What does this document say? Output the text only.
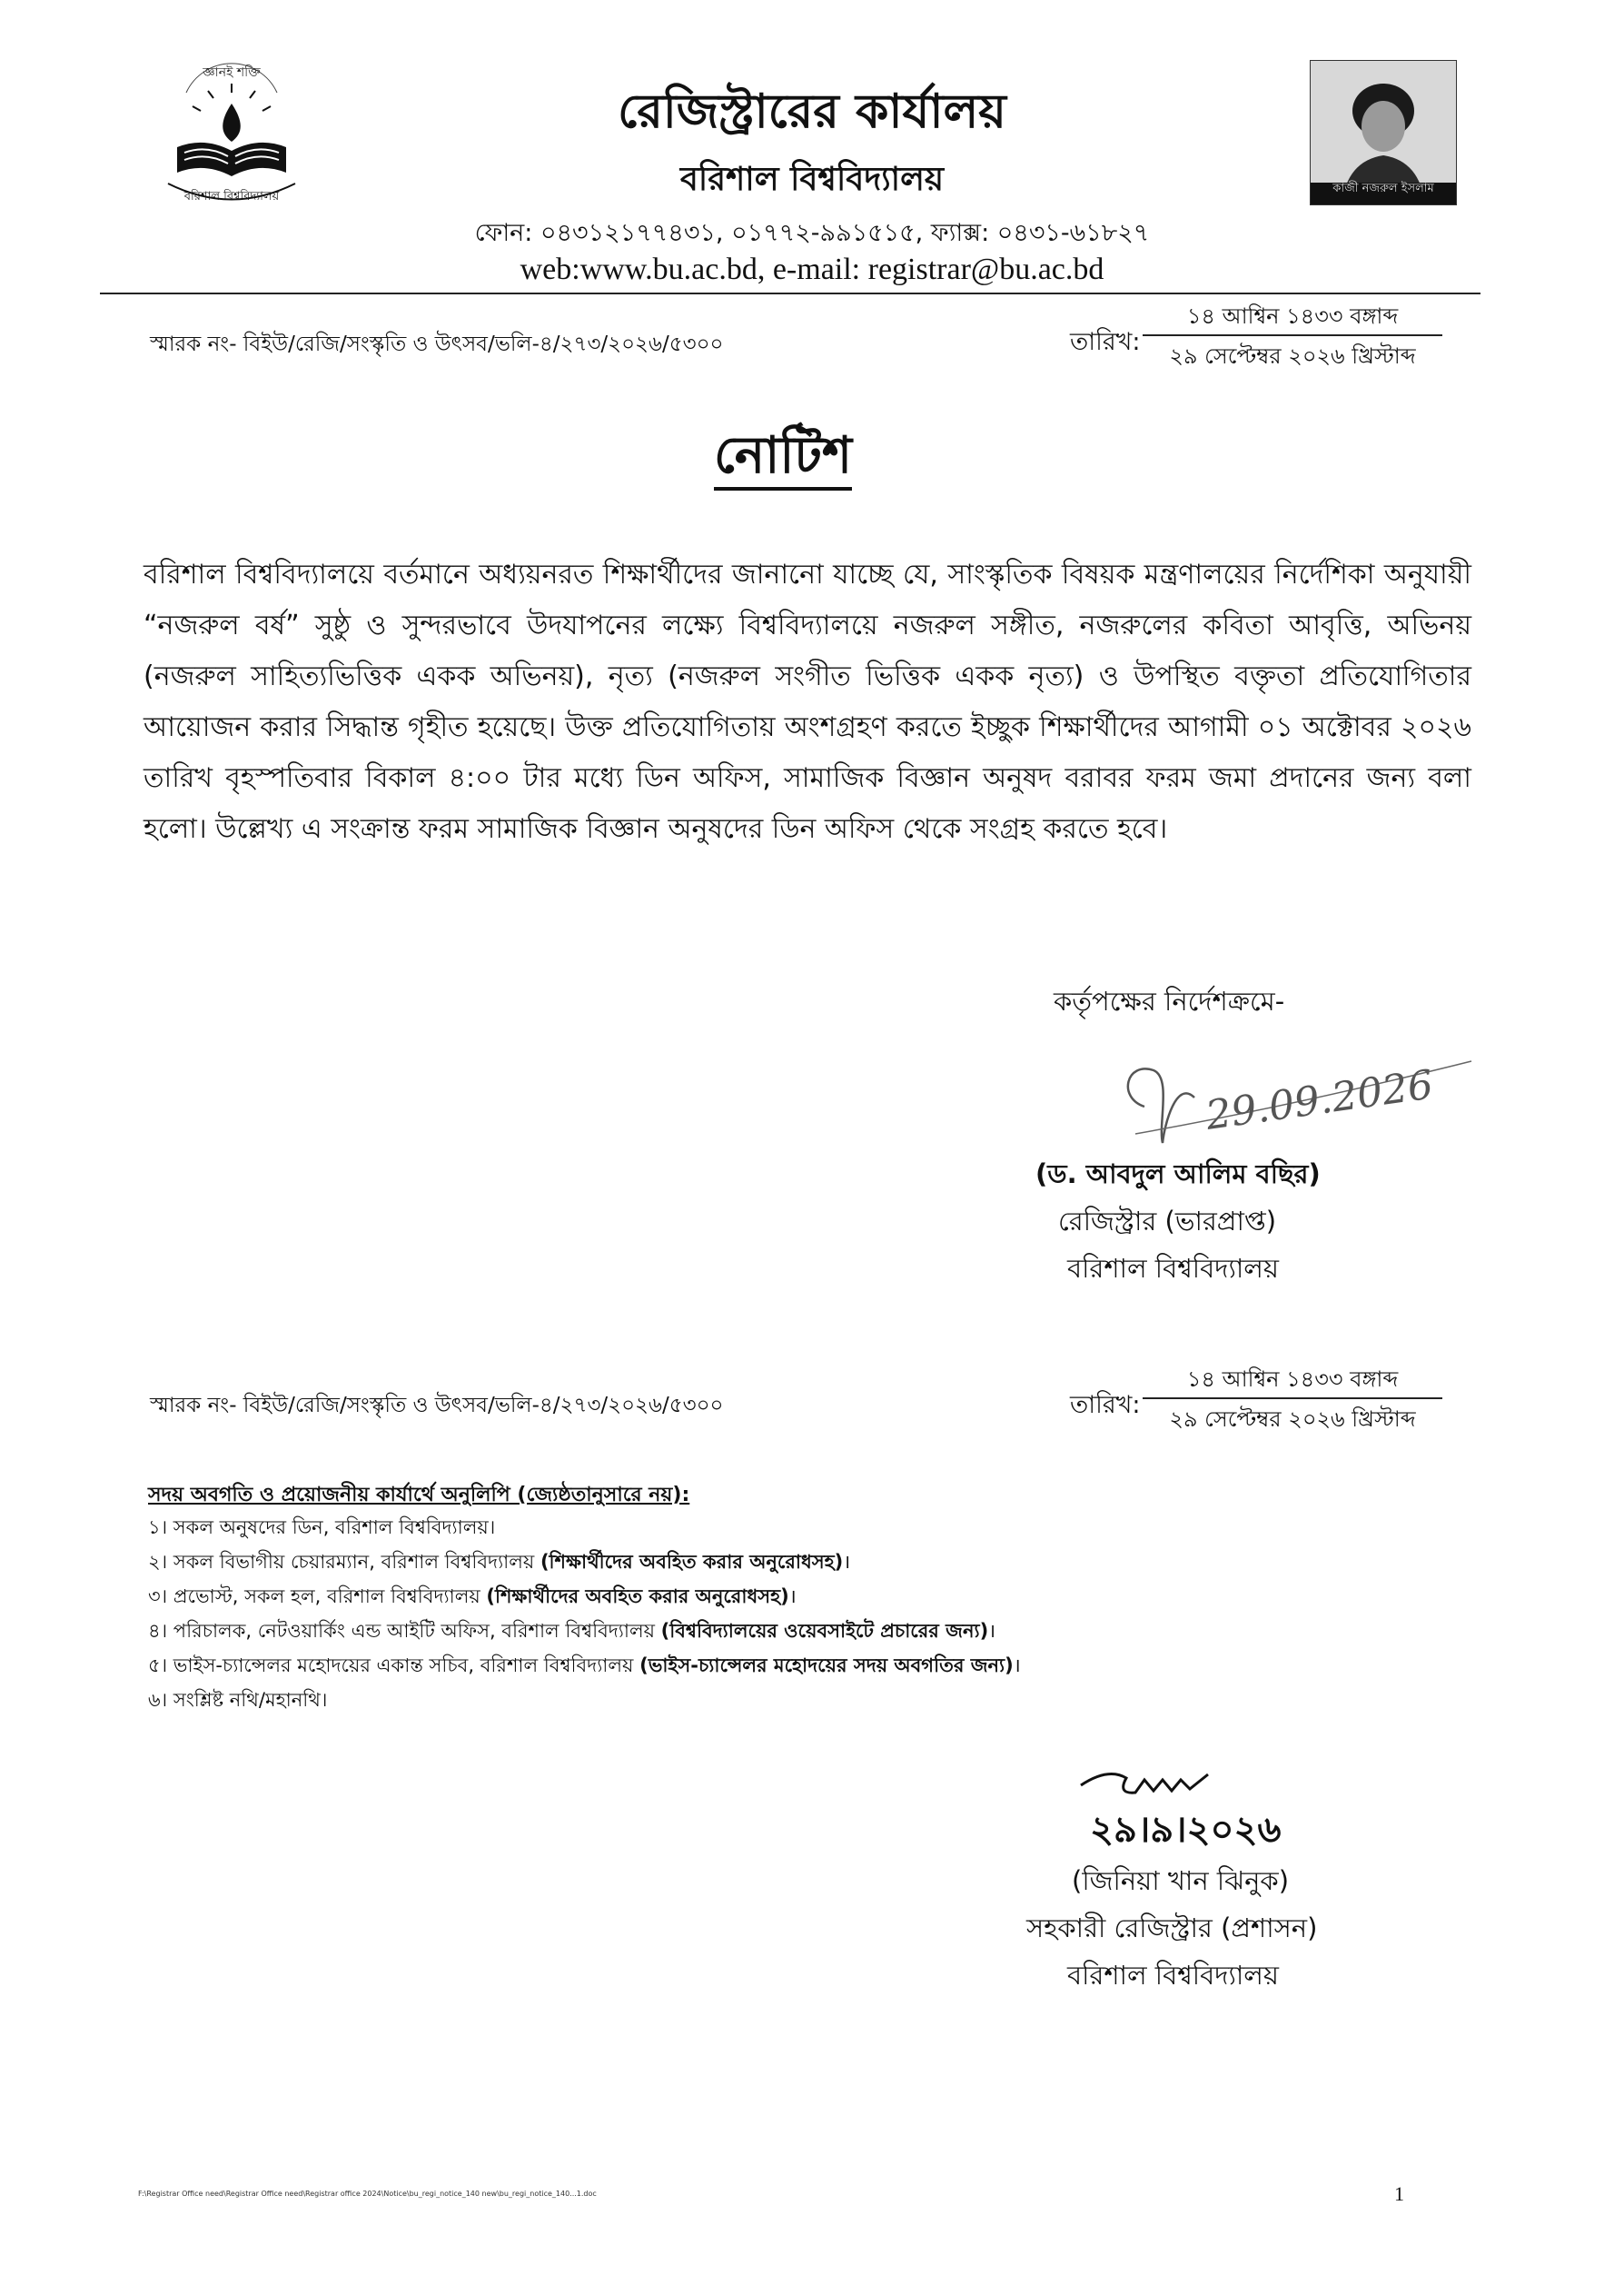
জ্ঞানই শক্তি
বরিশাল বিশ্ববিদ্যালয়
রেজিস্ট্রারের কার্যালয়
বরিশাল বিশ্ববিদ্যালয়
ফোন: ০৪৩১২১৭৭৪৩১, ০১৭৭২-৯৯১৫১৫, ফ্যাক্স: ০৪৩১-৬১৮২৭
web:www.bu.ac.bd, e-mail: registrar@bu.ac.bd
কাজী নজরুল ইসলাম
স্মারক নং- বিইউ/রেজি/সংস্কৃতি ও উৎসব/ভলি-৪/২৭৩/২০২৬/৫৩০০	তারিখ:
১৪ আশ্বিন ১৪৩৩ বঙ্গাব্দ
২৯ সেপ্টেম্বর ২০২৬ খ্রিস্টাব্দ
নোটিশ
বরিশাল বিশ্ববিদ্যালয়ে বর্তমানে অধ্যয়নরত শিক্ষার্থীদের জানানো যাচ্ছে যে, সাংস্কৃতিক বিষয়ক মন্ত্রণালয়ের নির্দেশিকা অনুযায়ী “নজরুল বর্ষ” সুষ্ঠু ও সুন্দরভাবে উদযাপনের লক্ষ্যে বিশ্ববিদ্যালয়ে নজরুল সঙ্গীত, নজরুলের কবিতা আবৃত্তি, অভিনয় (নজরুল সাহিত্যভিত্তিক একক অভিনয়), নৃত্য (নজরুল সংগীত ভিত্তিক একক নৃত্য) ও উপস্থিত বক্তৃতা প্রতিযোগিতার আয়োজন করার সিদ্ধান্ত গৃহীত হয়েছে। উক্ত প্রতিযোগিতায় অংশগ্রহণ করতে ইচ্ছুক শিক্ষার্থীদের আগামী ০১ অক্টোবর ২০২৬ তারিখ বৃহস্পতিবার বিকাল ৪:০০ টার মধ্যে ডিন অফিস, সামাজিক বিজ্ঞান অনুষদ বরাবর ফরম জমা প্রদানের জন্য বলা হলো। উল্লেখ্য এ সংক্রান্ত ফরম সামাজিক বিজ্ঞান অনুষদের ডিন অফিস থেকে সংগ্রহ করতে হবে।
কর্তৃপক্ষের নির্দেশক্রমে-
29.09.2026
(ড. আবদুল আলিম বছির)
রেজিস্ট্রার (ভারপ্রাপ্ত)
বরিশাল বিশ্ববিদ্যালয়
স্মারক নং- বিইউ/রেজি/সংস্কৃতি ও উৎসব/ভলি-৪/২৭৩/২০২৬/৫৩০০	তারিখ:
১৪ আশ্বিন ১৪৩৩ বঙ্গাব্দ
২৯ সেপ্টেম্বর ২০২৬ খ্রিস্টাব্দ
সদয় অবগতি ও প্রয়োজনীয় কার্যার্থে অনুলিপি (জ্যেষ্ঠতানুসারে নয়):
১। সকল অনুষদের ডিন, বরিশাল বিশ্ববিদ্যালয়।
২। সকল বিভাগীয় চেয়ারম্যান, বরিশাল বিশ্ববিদ্যালয় (শিক্ষার্থীদের অবহিত করার অনুরোধসহ)।
৩। প্রভোস্ট, সকল হল, বরিশাল বিশ্ববিদ্যালয় (শিক্ষার্থীদের অবহিত করার অনুরোধসহ)।
৪। পরিচালক, নেটওয়ার্কিং এন্ড আইটি অফিস, বরিশাল বিশ্ববিদ্যালয় (বিশ্ববিদ্যালয়ের ওয়েবসাইটে প্রচারের জন্য)।
৫। ভাইস-চ্যান্সেলর মহোদয়ের একান্ত সচিব, বরিশাল বিশ্ববিদ্যালয় (ভাইস-চ্যান্সেলর মহোদয়ের সদয় অবগতির জন্য)।
৬। সংশ্লিষ্ট নথি/মহানথি।
২৯।৯।২০২৬
(জিনিয়া খান ঝিনুক)
সহকারী রেজিস্ট্রার (প্রশাসন)
বরিশাল বিশ্ববিদ্যালয়
F:\Registrar Office need\Registrar Office need\Registrar office 2024\Notice\bu_regi_notice_140 new\bu_regi_notice_140...1.doc	1
